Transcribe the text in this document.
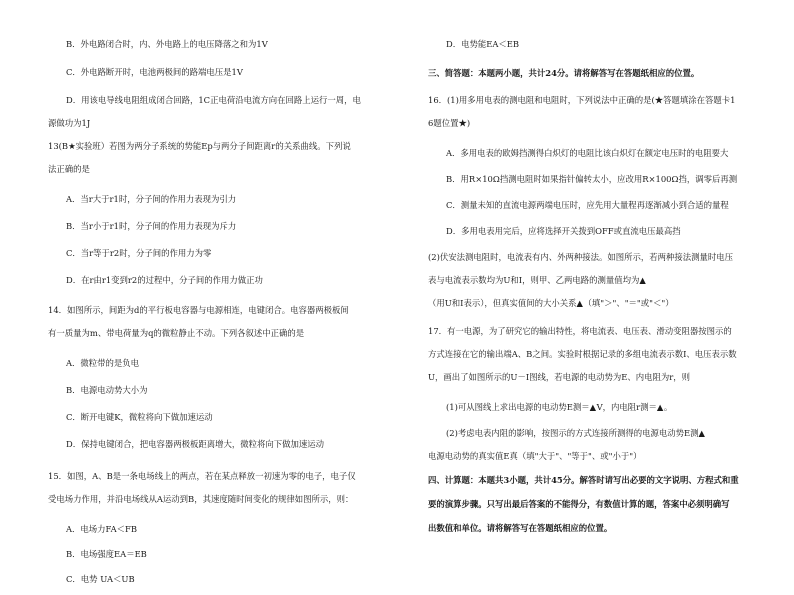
B．外电路闭合时，内、外电路上的电压降落之和为1V
C．外电路断开时，电池两极间的路端电压是1V
D．用该电导线电阻组成闭合回路，1C正电荷沿电流方向在回路上运行一周，电
源做功为1J
13(B★实验班）若图为两分子系统的势能Ep与两分子间距离r的关系曲线。下列说
法正确的是
A．当r大于r1时，分子间的作用力表现为引力
B．当r小于r1时，分子间的作用力表现为斥力
C．当r等于r2时，分子间的作用力为零
D．在r由r1变到r2的过程中，分子间的作用力做正功
14．如图所示，间距为d的平行板电容器与电源相连，电键闭合。电容器两极板间
有一质量为m、带电荷量为q的微粒静止不动。下列各叙述中正确的是
A．微粒带的是负电
B．电源电动势大小为
C．断开电键K，微粒将向下做加速运动
D．保持电键闭合，把电容器两极板距离增大，微粒将向下做加速运动
15．如图，A、B是一条电场线上的两点，若在某点释放一初速为零的电子，电子仅
受电场力作用，并沿电场线从A运动到B，其速度随时间变化的规律如图所示，则：
A．电场力FA＜FB
B．电场强度EA＝EB
C．电势 UA＜UB
D．电势能EA＜EB
三、简答题：本题两小题，共计24分。请将解答写在答题纸相应的位置。
16．(1)用多用电表的测电阻和电阻时，下列说法中正确的是(★答题填涂在答题卡1
6题位置★)
A．多用电表的欧姆挡测得白炽灯的电阻比该白炽灯在额定电压时的电阻要大
B．用R×10Ω挡测电阻时如果指针偏转太小，应改用R×100Ω挡，调零后再测
C．测量未知的直流电源两端电压时，应先用大量程再逐渐减小到合适的量程
D．多用电表用完后，应将选择开关拨到OFF或直流电压最高挡
(2)伏安法测电阻时，电流表有内、外两种接法。如图所示，若两种接法测量时电压
表与电流表示数均为U和I，则甲、乙两电路的测量值均为▲
（用U和I表示），但真实值间的大小关系▲（填"＞"、"＝"或"＜"）
17．有一电源，为了研究它的输出特性，将电流表、电压表、滑动变阻器按图示的
方式连接在它的输出端A、B之间。实验时根据记录的多组电流表示数I、电压表示数
U，画出了如图所示的U－I图线，若电源的电动势为E、内电阻为r，则
(1)可从图线上求出电源的电动势E测＝▲V，内电阻r测＝▲。
(2)考虑电表内阻的影响，按图示的方式连接所测得的电源电动势E测▲
电源电动势的真实值E真（填"大于"、"等于"、或"小于"）
四、计算题：本题共3小题，共计45分。解答时请写出必要的文字说明、方程式和重
要的演算步骤。只写出最后答案的不能得分，有数值计算的题，答案中必须明确写
出数值和单位。请将解答写在答题纸相应的位置。
